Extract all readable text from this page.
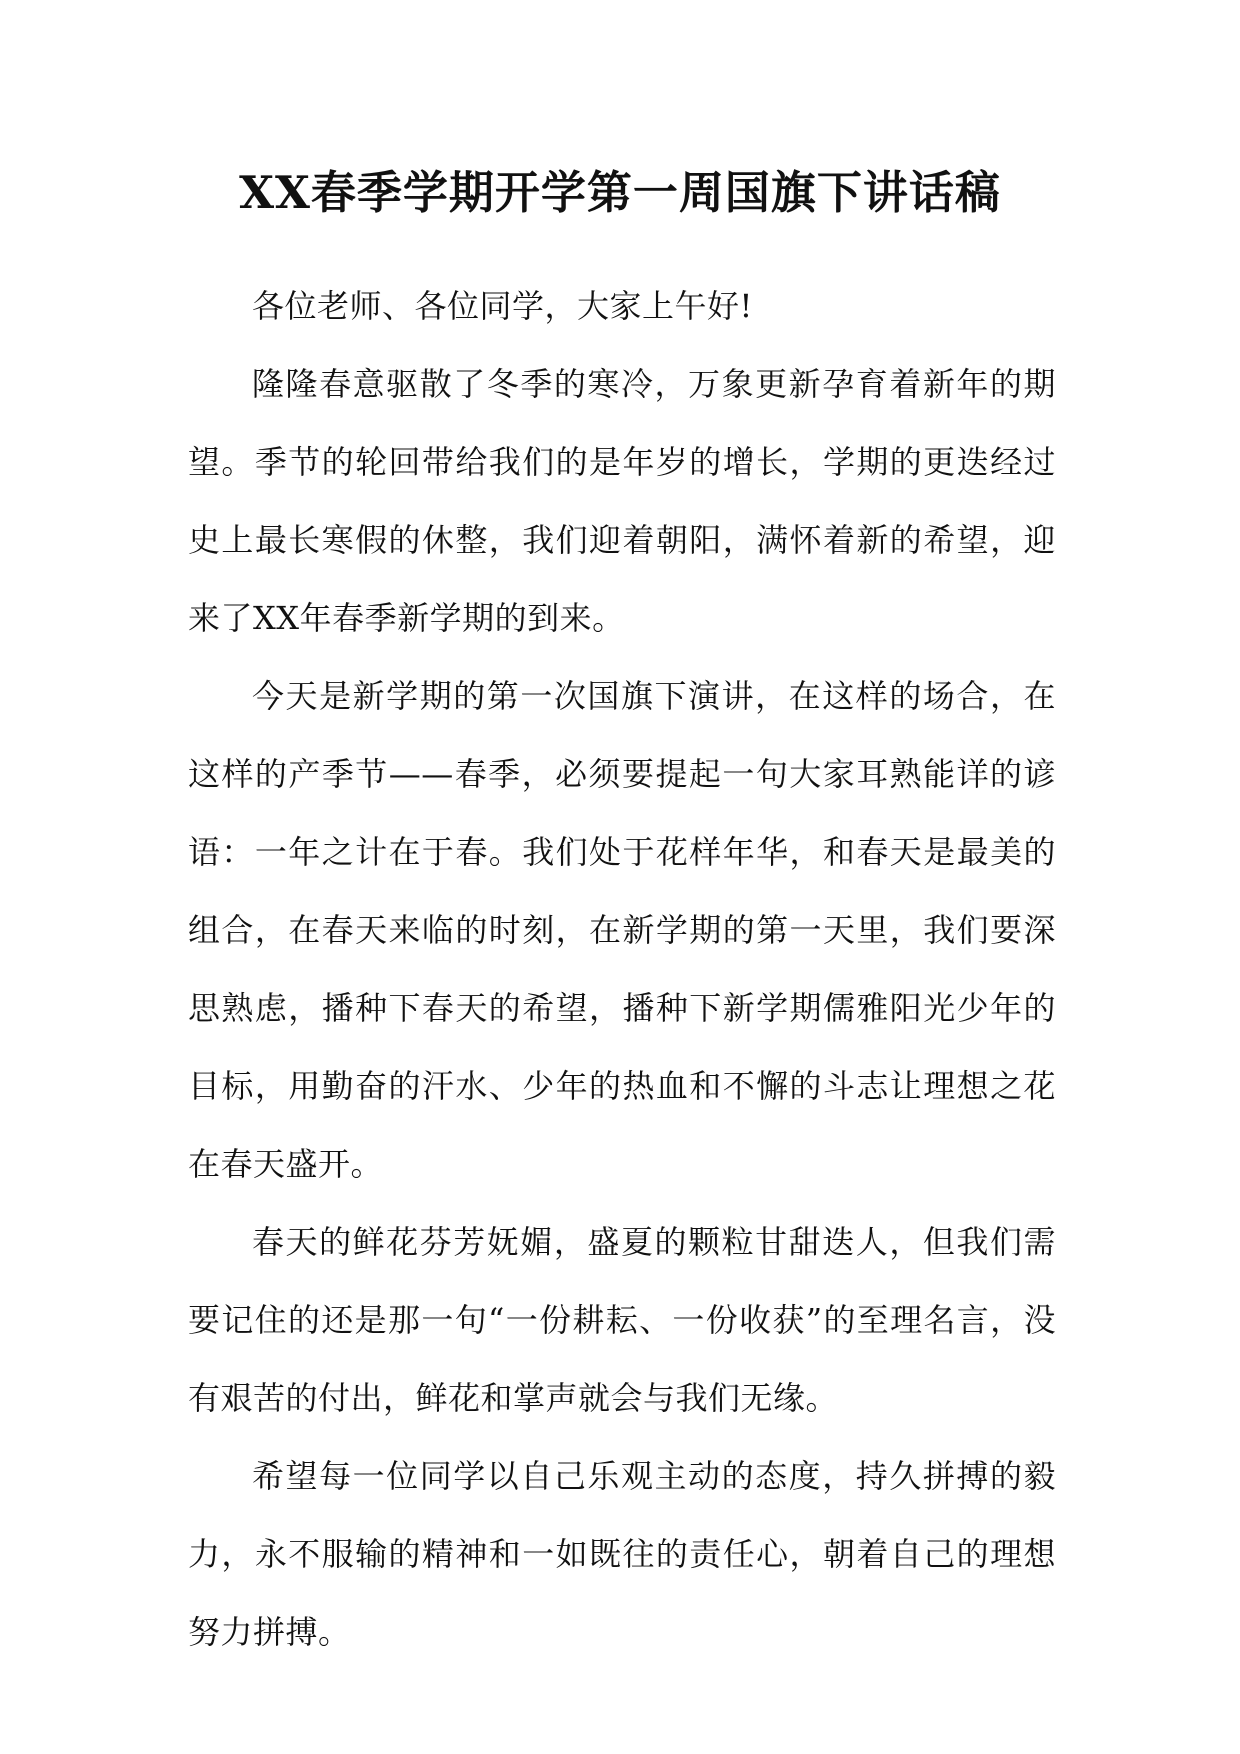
XX春季学期开学第一周国旗下讲话稿

各位老师、各位同学，大家上午好!

隆隆春意驱散了冬季的寒冷，万象更新孕育着新年的期望。季节的轮回带给我们的是年岁的增长，学期的更迭经过史上最长寒假的休整，我们迎着朝阳，满怀着新的希望，迎来了XX年春季新学期的到来。

今天是新学期的第一次国旗下演讲，在这样的场合，在这样的产季节——春季，必须要提起一句大家耳熟能详的谚语：一年之计在于春。我们处于花样年华，和春天是最美的组合，在春天来临的时刻，在新学期的第一天里，我们要深思熟虑，播种下春天的希望，播种下新学期儒雅阳光少年的目标，用勤奋的汗水、少年的热血和不懈的斗志让理想之花在春天盛开。

春天的鲜花芬芳妩媚，盛夏的颗粒甘甜迭人，但我们需要记住的还是那一句“一份耕耘、一份收获”的至理名言，没有艰苦的付出，鲜花和掌声就会与我们无缘。

希望每一位同学以自己乐观主动的态度，持久拼搏的毅力，永不服输的精神和一如既往的责任心，朝着自己的理想努力拼搏。
